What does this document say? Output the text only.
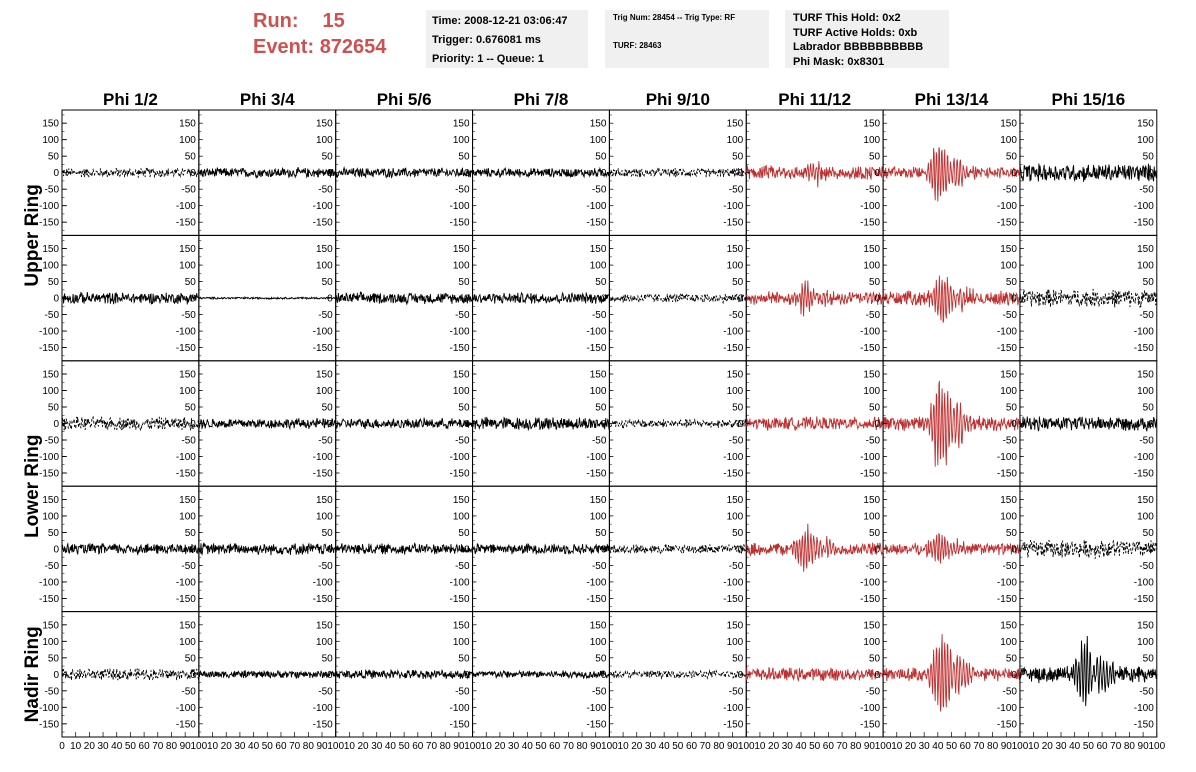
Run: 15
Event: 872654
Time: 2008-12-21 03:06:47
Trigger: 0.676081 ms
Priority: 1 -- Queue: 1
Trig Num: 28454 -- Trig Type: RF
TURF: 28463
TURF This Hold: 0x2
TURF Active Holds: 0xb
Labrador BBBBBBBBBB
Phi Mask: 0x8301
Phi 1/2	Phi 3/4	Phi 5/6	Phi 7/8	Phi 9/10	Phi 11/12	Phi 13/14	Phi 15/16
Upper Ring
Lower Ring
Nadir Ring
-150	-150
-100	-100
-50	-50
0	0
50	50
100	100
150	150
-150
-100
-50
0
50
100
150
-150
-100
-50
0
50
100
150
-150
-100
-50
0
50
100
150
-150
-100
-50
0
50
100
150
-150
-100
-50
0
50
100
150
-150
-100
-50
0
50
100
150
-150
-100
-50
0
50
100
150
-150	-150
-100	-100
-50	-50
0	0
50	50
100	100
150	150
-150
-100
-50
0
50
100
150
-150
-100
-50
0
50
100
150
-150
-100
-50
0
50
100
150
-150
-100
-50
0
50
100
150
-150
-100
-50
0
50
100
150
-150
-100
-50
0
50
100
150
-150
-100
-50
0
50
100
150
-150	-150
-100	-100
-50	-50
0	0
50	50
100	100
150	150
-150
-100
-50
0
50
100
150
-150
-100
-50
0
50
100
150
-150
-100
-50
0
50
100
150
-150
-100
-50
0
50
100
150
-150
-100
-50
0
50
100
150
-150
-100
-50
0
50
100
150
-150
-100
-50
0
50
100
150
-150	-150
-100	-100
-50	-50
0	0
50	50
100	100
150	150
-150
-100
-50
0
50
100
150
-150
-100
-50
0
50
100
150
-150
-100
-50
0
50
100
150
-150
-100
-50
0
50
100
150
-150
-100
-50
0
50
100
150
-150
-100
-50
0
50
100
150
-150
-100
-50
0
50
100
150
-150	-150
-100	-100
-50	-50
0	0
50	50
100	100
150	150
-150
-100
-50
0
50
100
150
-150
-100
-50
0
50
100
150
-150
-100
-50
0
50
100
150
-150
-100
-50
0
50
100
150
-150
-100
-50
0
50
100
150
-150
-100
-50
0
50
100
150
-150
-100
-50
0
50
100
150
0 10 20 30 40 50 60 70 80 90 100 10 20 30 40 50 60 70 80 90 100 10 20 30 40 50 60 70 80 90 100 10 20 30 40 50 60 70 80 90 100 10 20 30 40 50 60 70 80 90 100 10 20 30 40 50 60 70 80 90 100 10 20 30 40 50 60 70 80 90 100 10 20 30 40 50 60 70 80 90 100
